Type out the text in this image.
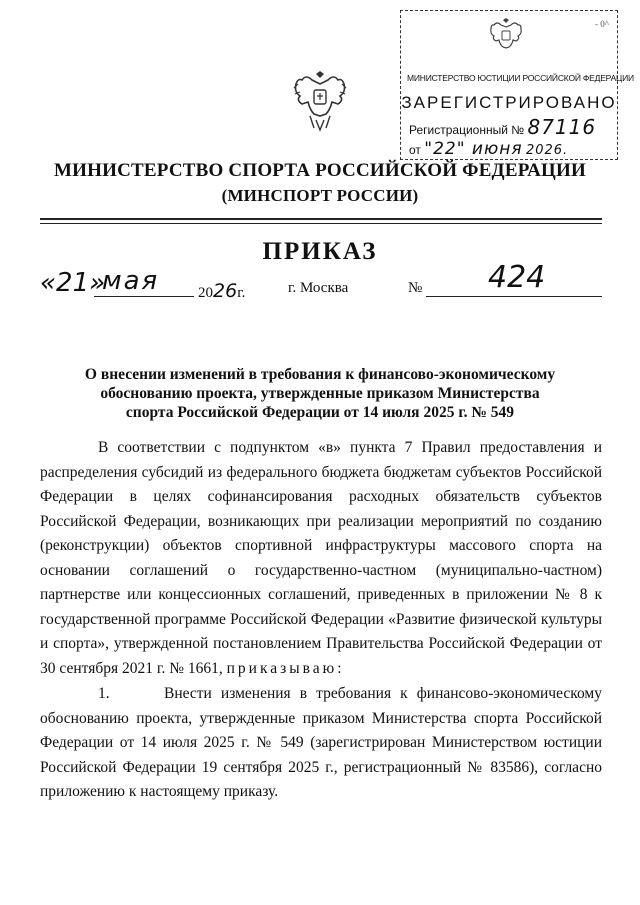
- 0^
МИНИСТЕРСТВО ЮСТИЦИИ РОССИЙСКОЙ ФЕДЕРАЦИИ
ЗАРЕГИСТРИРОВАНО
Регистрационный № 87116
от "22" июня 2026.
МИНИСТЕРСТВО СПОРТА РОССИЙСКОЙ ФЕДЕРАЦИИ
(МИНСПОРТ РОССИИ)
ПРИКАЗ
«21»
мая	2026г.	г. Москва	№ 424
О внесении изменений в требования к финансово-экономическому обоснованию проекта, утвержденные приказом Министерства спорта Российской Федерации от 14 июля 2025 г. № 549

В соответствии с подпунктом «в» пункта 7 Правил предоставления и распределения субсидий из федерального бюджета бюджетам субъектов Российской Федерации в целях софинансирования расходных обязательств субъектов Российской Федерации, возникающих при реализации мероприятий по созданию (реконструкции) объектов спортивной инфраструктуры массового спорта на основании соглашений о государственно-частном (муниципально-частном) партнерстве или концессионных соглашений, приведенных в приложении № 8 к государственной программе Российской Федерации «Развитие физической культуры и спорта», утвержденной постановлением Правительства Российской Федерации от 30 сентября 2021 г. № 1661, приказываю:

1.      Внести изменения в требования к финансово-экономическому обоснованию проекта, утвержденные приказом Министерства спорта Российской Федерации от 14 июля 2025 г. № 549 (зарегистрирован Министерством юстиции Российской Федерации 19 сентября 2025 г., регистрационный № 83586), согласно приложению к настоящему приказу.
